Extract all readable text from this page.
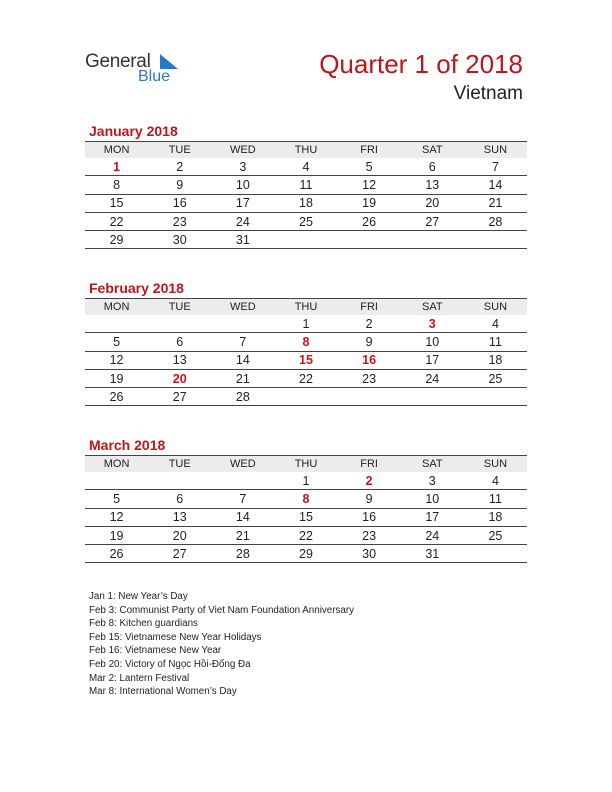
General
Blue	Quarter 1 of 2018
Vietnam
January 2018
MON	TUE	WED	THU	FRI	SAT	SUN
1	2	3	4	5	6	7
8	9	10	11	12	13	14
15	16	17	18	19	20	21
22	23	24	25	26	27	28
29	30	31				
February 2018
MON	TUE	WED	THU	FRI	SAT	SUN
			1	2	3	4
5	6	7	8	9	10	11
12	13	14	15	16	17	18
19	20	21	22	23	24	25
26	27	28				
March 2018
MON	TUE	WED	THU	FRI	SAT	SUN
			1	2	3	4
5	6	7	8	9	10	11
12	13	14	15	16	17	18
19	20	21	22	23	24	25
26	27	28	29	30	31	
Jan 1: New Year’s Day
Feb 3: Communist Party of Viet Nam Foundation Anniversary
Feb 8: Kitchen guardians
Feb 15: Vietnamese New Year Holidays
Feb 16: Vietnamese New Year
Feb 20: Victory of Ngọc Hồi-Đống Đa
Mar 2: Lantern Festival
Mar 8: International Women’s Day
